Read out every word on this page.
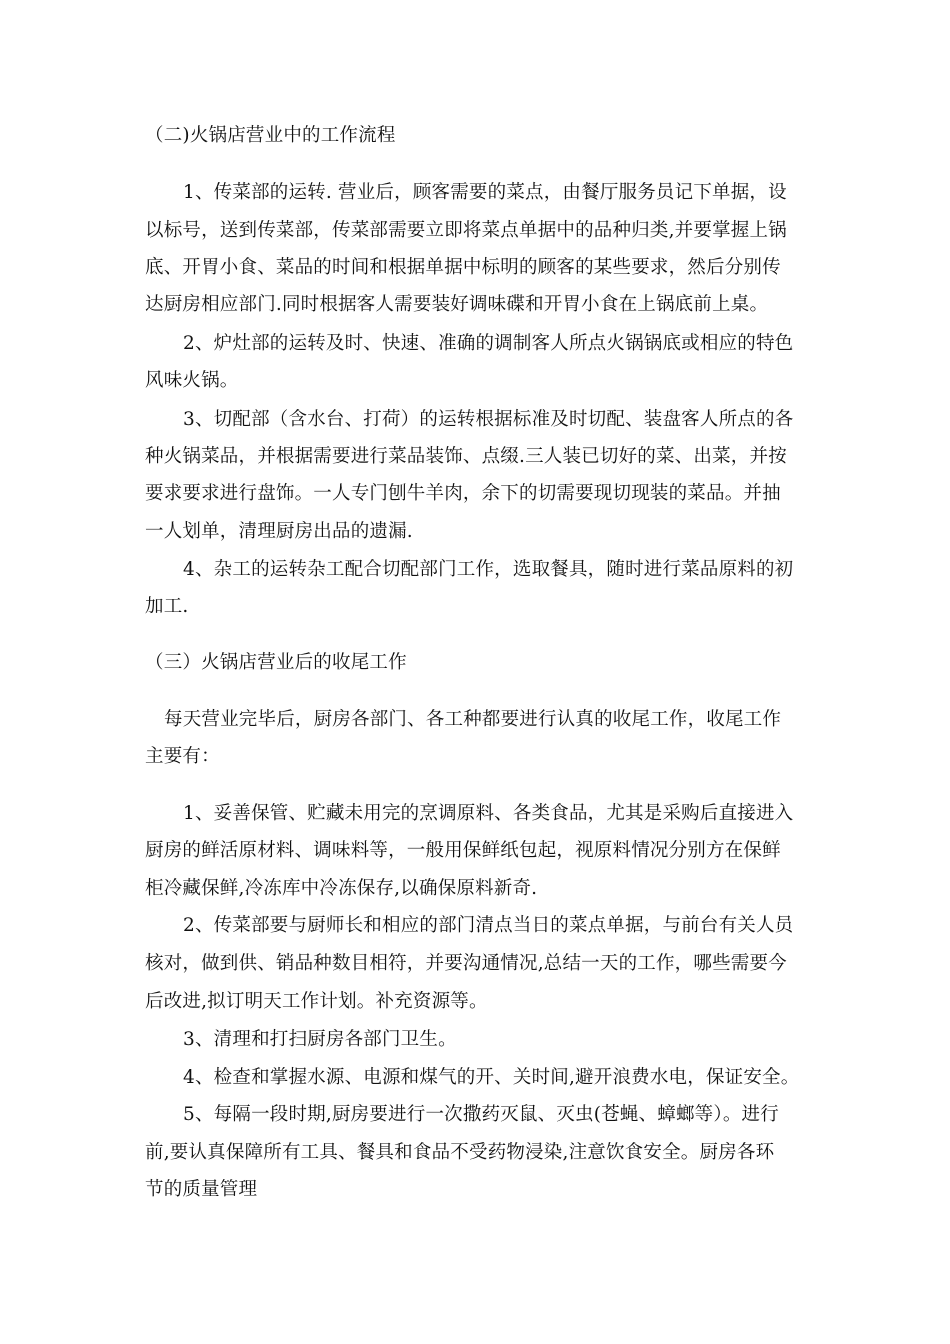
（二)火锅店营业中的工作流程
1、传菜部的运转. 营业后，顾客需要的菜点，由餐厅服务员记下单据，设
以标号，送到传菜部，传菜部需要立即将菜点单据中的品种归类,并要掌握上锅
底、开胃小食、菜品的时间和根据单据中标明的顾客的某些要求，然后分别传
达厨房相应部门.同时根据客人需要装好调味碟和开胃小食在上锅底前上桌。
2、炉灶部的运转及时、快速、准确的调制客人所点火锅锅底或相应的特色
风味火锅。
3、切配部（含水台、打荷）的运转根据标准及时切配、装盘客人所点的各
种火锅菜品，并根据需要进行菜品装饰、点缀.三人装已切好的菜、出菜，并按
要求要求进行盘饰。一人专门刨牛羊肉，余下的切需要现切现装的菜品。并抽
一人划单，清理厨房出品的遗漏.
4、杂工的运转杂工配合切配部门工作，选取餐具，随时进行菜品原料的初
加工.
（三）火锅店营业后的收尾工作
每天营业完毕后，厨房各部门、各工种都要进行认真的收尾工作，收尾工作
主要有：
1、妥善保管、贮藏未用完的烹调原料、各类食品，尤其是采购后直接进入
厨房的鲜活原材料、调味料等，一般用保鲜纸包起，视原料情况分别方在保鲜
柜冷藏保鲜,冷冻库中冷冻保存,以确保原料新奇.
2、传菜部要与厨师长和相应的部门清点当日的菜点单据，与前台有关人员
核对，做到供、销品种数目相符，并要沟通情况,总结一天的工作，哪些需要今
后改进,拟订明天工作计划。补充资源等。
3、清理和打扫厨房各部门卫生。
4、检查和掌握水源、电源和煤气的开、关时间,避开浪费水电，保证安全。
5、每隔一段时期,厨房要进行一次撒药灭鼠、灭虫(苍蝇、蟑螂等）。进行
前,要认真保障所有工具、餐具和食品不受药物浸染,注意饮食安全。厨房各环
节的质量管理
